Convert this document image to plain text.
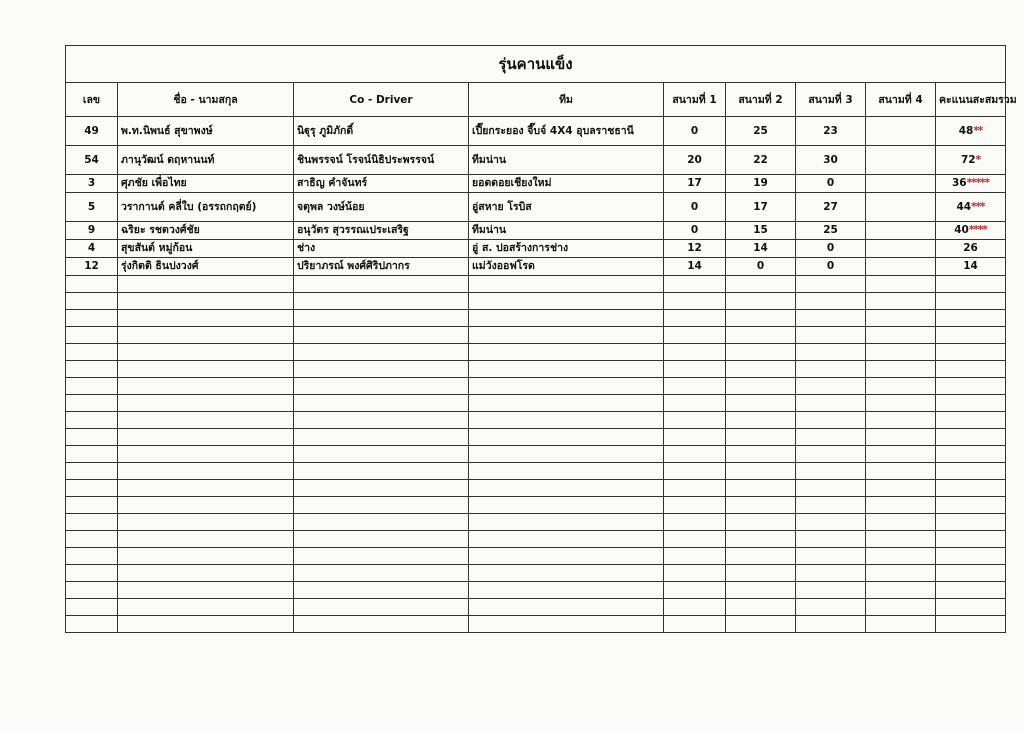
รุ่นคานแข็ง								
เลข	ชื่อ - นามสกุล	Co - Driver	ทีม	สนามที่ 1	สนามที่ 2	สนามที่ 3	สนามที่ 4	คะแนนสะสมรวม
49	พ.ท.นิพนธ์ สุขาพงษ์	นิฐุรุ ภูมิภักดิ์	เปี๊ยกระยอง จี๊บจ์ 4X4 อุบลราชธานี	0	25	23		48**
54	ภานุวัฒน์ ดฤหานนท์	ชินพรรจน์ โรจน์นิธิประพรรจน์	ทีมน่าน	20	22	30		72*
3	ศุภชัย เพื่อไทย	สาธิญ คำจันทร์	ยอดดอยเชียงใหม่	17	19	0		36*****
5	วรากานต์ คลี่ใบ (อรรถกฤตย์)	จตุพล วงษ์น้อย	อู่สหาย โรบิส	0	17	27		44***
9	ฉริยะ รชตวงศ์ชัย	อนุวัตร สุวรรณเประเสริฐ	ทีมน่าน	0	15	25		40****
4	สุขสันต์ หมู่ก้อน	ช่าง	อู่ ส. ปอสร้างการช่าง	12	14	0		26
12	รุ่งกิตติ ธินปงวงศ์	ปริยาภรณ์ พงศ์ศิริปภากร	แม่วังออฟโรด	14	0	0		14
